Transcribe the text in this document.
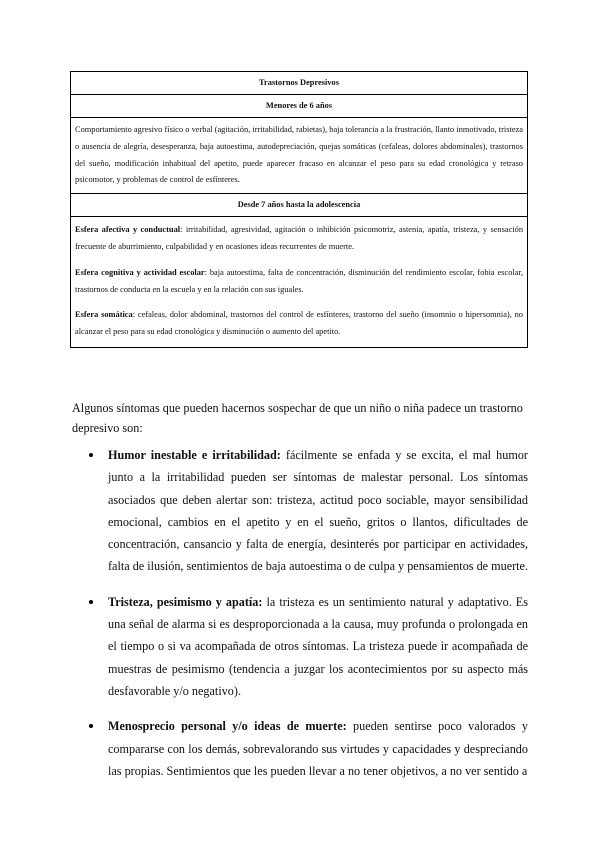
Trastornos Depresivos
Menores de 6 años
Comportamiento agresivo físico o verbal (agitación, irritabilidad, rabietas), baja tolerancia a la frustración, llanto inmotivado, tristeza o ausencia de alegría, desesperanza, baja autoestima, autodepreciación, quejas somáticas (cefaleas, dolores abdominales), trastornos del sueño, modificación inhabitual del apetito, puede aparecer fracaso en alcanzar el peso para su edad cronológica y retraso psicomotor, y problemas de control de esfínteres.
Desde 7 años hasta la adolescencia

Esfera afectiva y conductual: irritabilidad, agresividad, agitación o inhibición psicomotriz, astenia, apatía, tristeza, y sensación frecuente de aburrimiento, culpabilidad y en ocasiones ideas recurrentes de muerte.

Esfera cognitiva y actividad escolar: baja autoestima, falta de concentración, disminución del rendimiento escolar, fobia escolar, trastornos de conducta en la escuela y en la relación con sus iguales.

Esfera somática: cefaleas, dolor abdominal, trastornos del control de esfínteres, trastorno del sueño (insomnio o hipersomnia), no alcanzar el peso para su edad cronológica y disminución o aumento del apetito.

Algunos síntomas que pueden hacernos sospechar de que un niño o niña padece un trastorno depresivo son:

Humor inestable e irritabilidad: fácilmente se enfada y se excita, el mal humor junto a la irritabilidad pueden ser síntomas de malestar personal. Los síntomas asociados que deben alertar son: tristeza, actitud poco sociable, mayor sensibilidad emocional, cambios en el apetito y en el sueño, gritos o llantos, dificultades de concentración, cansancio y falta de energía, desinterés por participar en actividades, falta de ilusión, sentimientos de baja autoestima o de culpa y pensamientos de muerte.
Tristeza, pesimismo y apatía: la tristeza es un sentimiento natural y adaptativo. Es una señal de alarma si es desproporcionada a la causa, muy profunda o prolongada en el tiempo o si va acompañada de otros síntomas. La tristeza puede ir acompañada de muestras de pesimismo (tendencia a juzgar los acontecimientos por su aspecto más desfavorable y/o negativo).
Menosprecio personal y/o ideas de muerte: pueden sentirse poco valorados y compararse con los demás, sobrevalorando sus virtudes y capacidades y despreciando las propias. Sentimientos que les pueden llevar a no tener objetivos, a no ver sentido a
